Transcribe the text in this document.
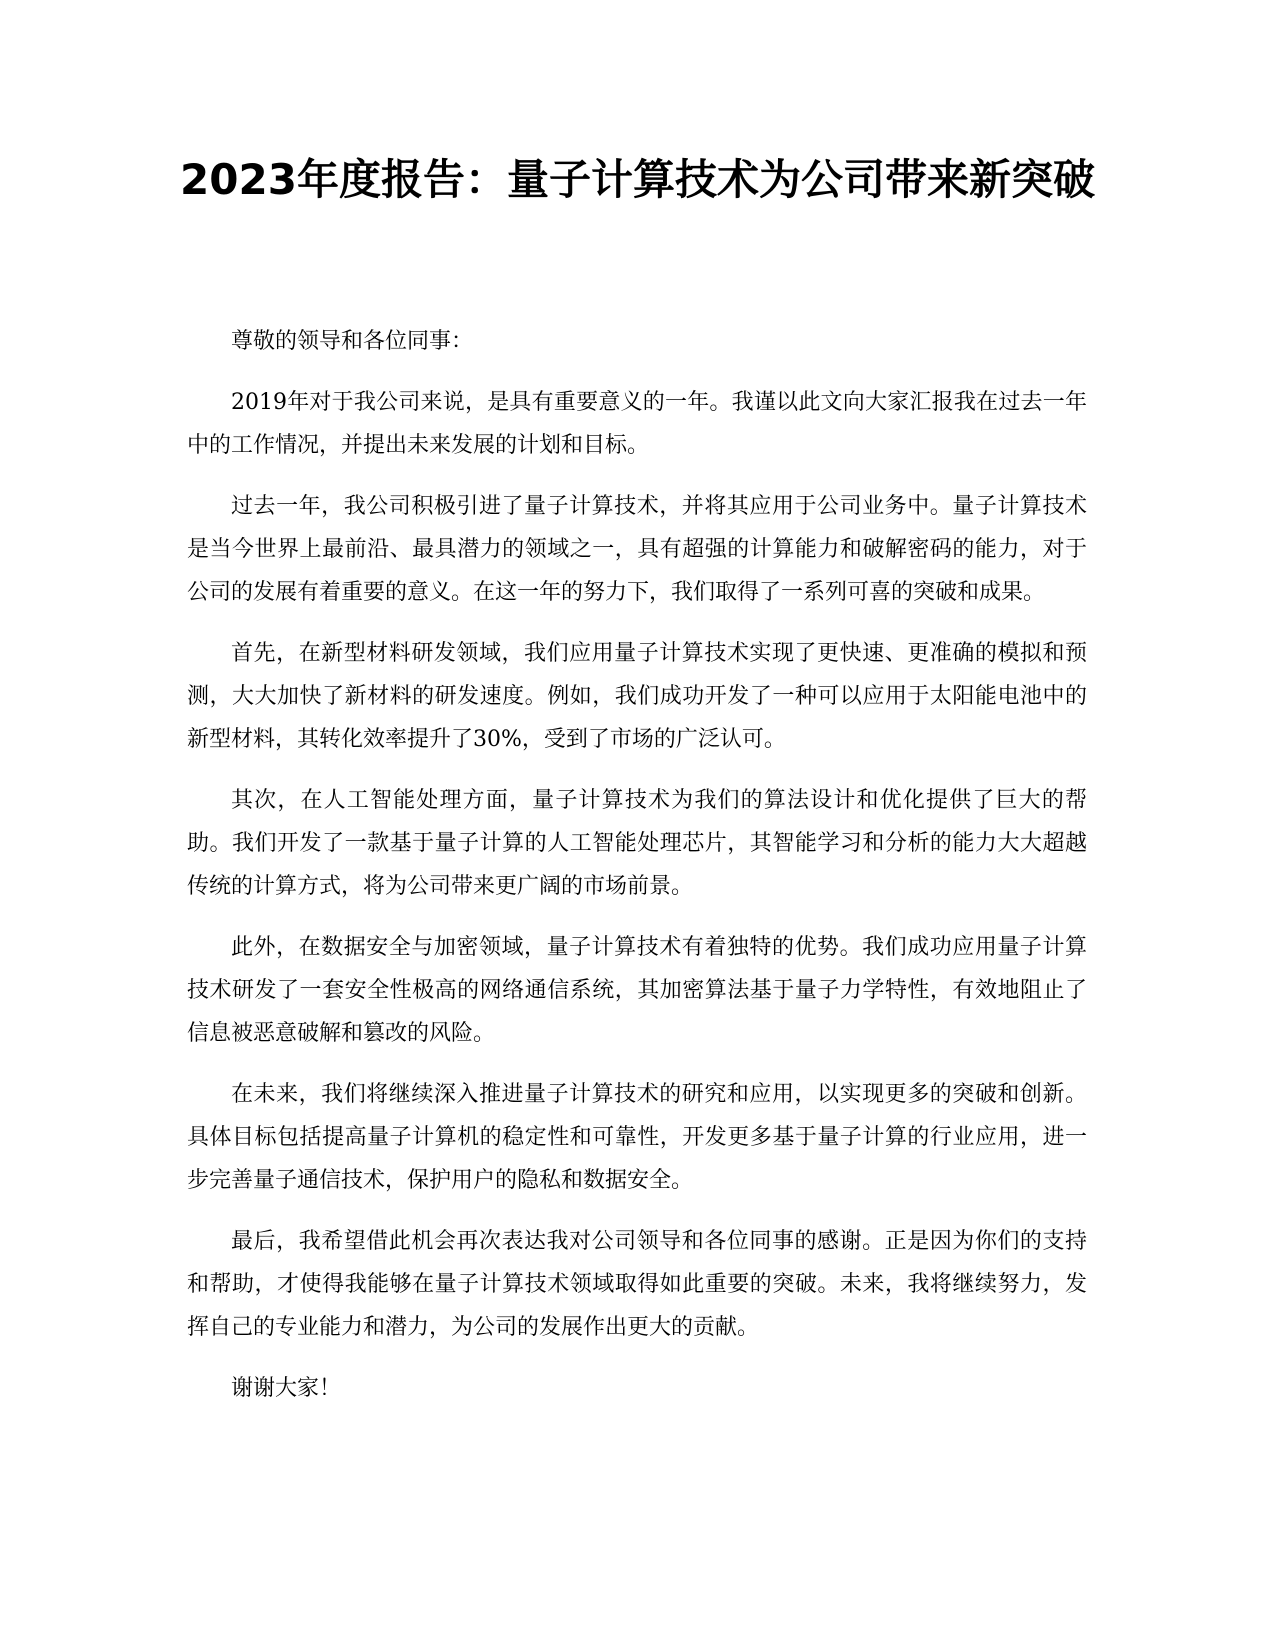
2023年度报告：量子计算技术为公司带来新突破

尊敬的领导和各位同事：

2019年对于我公司来说，是具有重要意义的一年。我谨以此文向大家汇报我在过去一年中的工作情况，并提出未来发展的计划和目标。

过去一年，我公司积极引进了量子计算技术，并将其应用于公司业务中。量子计算技术是当今世界上最前沿、最具潜力的领域之一，具有超强的计算能力和破解密码的能力，对于公司的发展有着重要的意义。在这一年的努力下，我们取得了一系列可喜的突破和成果。

首先，在新型材料研发领域，我们应用量子计算技术实现了更快速、更准确的模拟和预测，大大加快了新材料的研发速度。例如，我们成功开发了一种可以应用于太阳能电池中的新型材料，其转化效率提升了30%，受到了市场的广泛认可。

其次，在人工智能处理方面，量子计算技术为我们的算法设计和优化提供了巨大的帮助。我们开发了一款基于量子计算的人工智能处理芯片，其智能学习和分析的能力大大超越传统的计算方式，将为公司带来更广阔的市场前景。

此外，在数据安全与加密领域，量子计算技术有着独特的优势。我们成功应用量子计算技术研发了一套安全性极高的网络通信系统，其加密算法基于量子力学特性，有效地阻止了信息被恶意破解和篡改的风险。

在未来，我们将继续深入推进量子计算技术的研究和应用，以实现更多的突破和创新。具体目标包括提高量子计算机的稳定性和可靠性，开发更多基于量子计算的行业应用，进一步完善量子通信技术，保护用户的隐私和数据安全。

最后，我希望借此机会再次表达我对公司领导和各位同事的感谢。正是因为你们的支持和帮助，才使得我能够在量子计算技术领域取得如此重要的突破。未来，我将继续努力，发挥自己的专业能力和潜力，为公司的发展作出更大的贡献。

谢谢大家！
